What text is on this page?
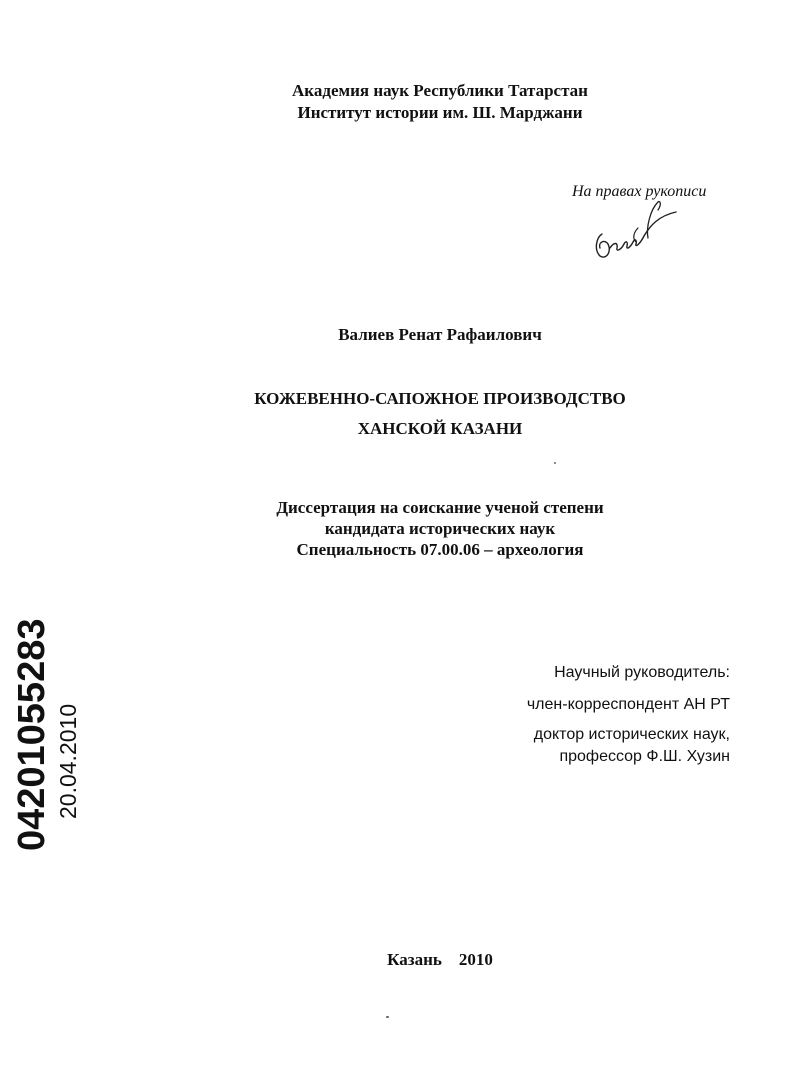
Академия наук Республики Татарстан
Институт истории им. Ш. Марджани
На правах рукописи
Валиев Ренат Рафаилович
КОЖЕВЕННО-САПОЖНОЕ ПРОИЗВОДСТВО
ХАНСКОЙ КАЗАНИ
Диссертация на соискание ученой степени
кандидата исторических наук
Специальность 07.00.06 – археология
04201055283 20.04.2010
Научный руководитель:
член-корреспондент АН РТ
доктор исторических наук,
профессор Ф.Ш. Хузин
Казань 2010
